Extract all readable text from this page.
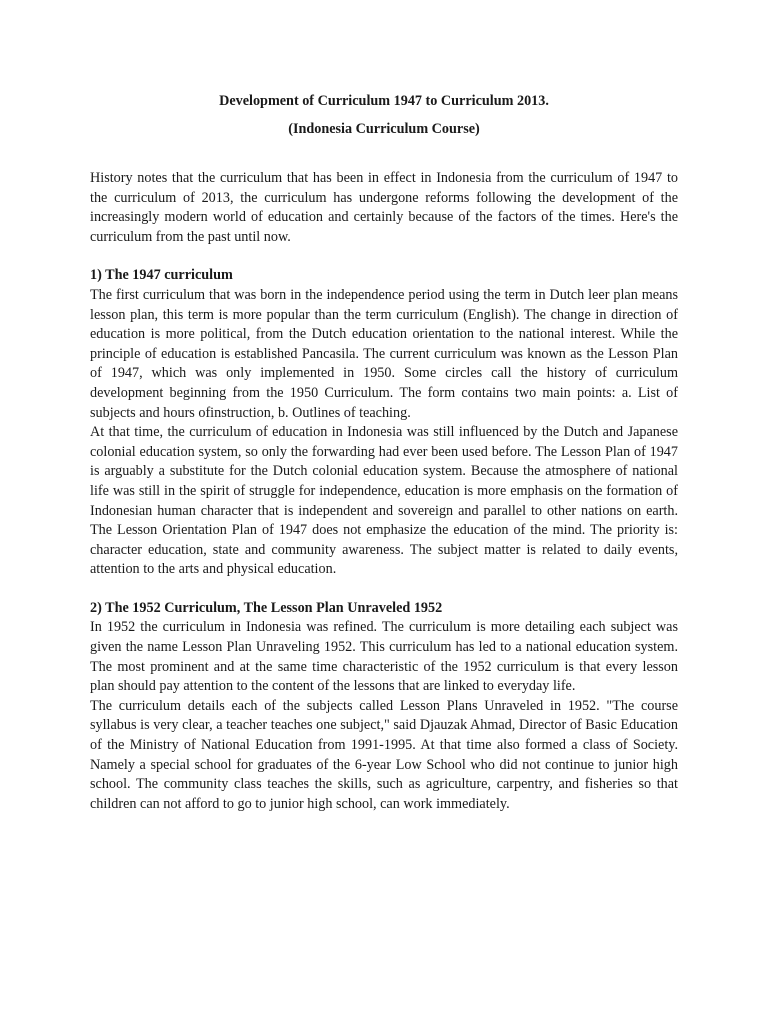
Development of Curriculum 1947 to Curriculum 2013.
(Indonesia Curriculum Course)

History notes that the curriculum that has been in effect in Indonesia from the curriculum of 1947 to the curriculum of 2013, the curriculum has undergone reforms following the development of the increasingly modern world of education and certainly because of the factors of the times. Here's the curriculum from the past until now.

1) The 1947 curriculum

The first curriculum that was born in the independence period using the term in Dutch leer plan means lesson plan, this term is more popular than the term curriculum (English). The change in direction of education is more political, from the Dutch education orientation to the national interest. While the principle of education is established Pancasila. The current curriculum was known as the Lesson Plan of 1947, which was only implemented in 1950. Some circles call the history of curriculum development beginning from the 1950 Curriculum. The form contains two main points: a. List of subjects and hours ofinstruction, b. Outlines of teaching.

At that time, the curriculum of education in Indonesia was still influenced by the Dutch and Japanese colonial education system, so only the forwarding had ever been used before. The Lesson Plan of 1947 is arguably a substitute for the Dutch colonial education system. Because the atmosphere of national life was still in the spirit of struggle for independence, education is more emphasis on the formation of Indonesian human character that is independent and sovereign and parallel to other nations on earth. The Lesson Orientation Plan of 1947 does not emphasize the education of the mind. The priority is: character education, state and community awareness. The subject matter is related to daily events, attention to the arts and physical education.

2) The 1952 Curriculum, The Lesson Plan Unraveled 1952

In 1952 the curriculum in Indonesia was refined. The curriculum is more detailing each subject was given the name Lesson Plan Unraveling 1952. This curriculum has led to a national education system. The most prominent and at the same time characteristic of the 1952 curriculum is that every lesson plan should pay attention to the content of the lessons that are linked to everyday life.

The curriculum details each of the subjects called Lesson Plans Unraveled in 1952. "The course syllabus is very clear, a teacher teaches one subject," said Djauzak Ahmad, Director of Basic Education of the Ministry of National Education from 1991-1995. At that time also formed a class of Society. Namely a special school for graduates of the 6-year Low School who did not continue to junior high school. The community class teaches the skills, such as agriculture, carpentry, and fisheries so that children can not afford to go to junior high school, can work immediately.
